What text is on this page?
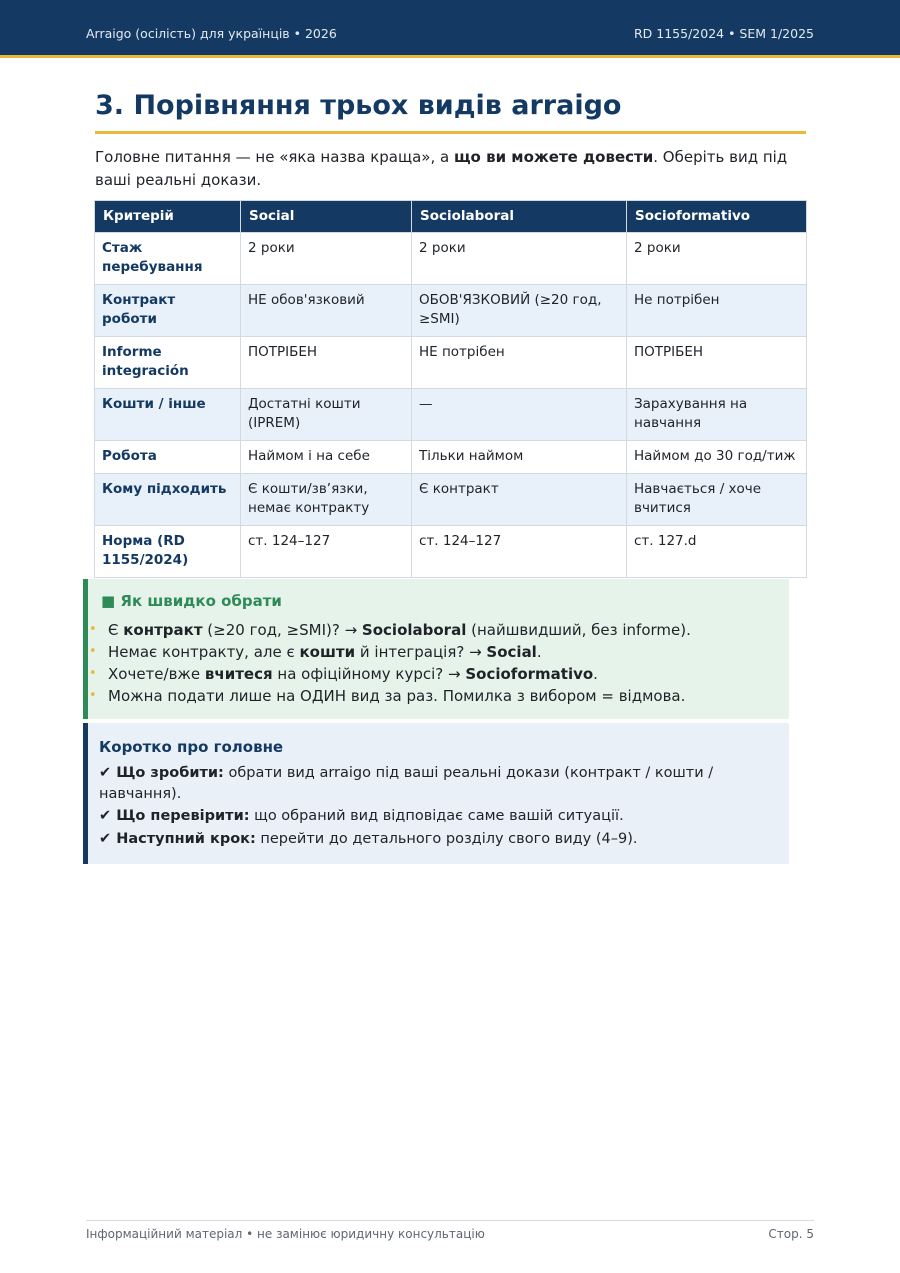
Arraigo (осілість) для українців • 2026	RD 1155/2024 • SEM 1/2025
3. Порівняння трьох видів arraigo
Головне питання — не «яка назва краща», а що ви можете довести. Оберіть вид під ваші реальні докази.
Критерій	Social	Sociolaboral	Socioformativo
Стаж перебування	2 роки	2 роки	2 роки
Контракт роботи	НЕ обов'язковий	ОБОВ'ЯЗКОВИЙ (≥20 год, ≥SMI)	Не потрібен
Informe integración	ПОТРІБЕН	НЕ потрібен	ПОТРІБЕН
Кошти / інше	Достатні кошти (IPREM)	—	Зарахування на навчання
Робота	Наймом і на себе	Тільки наймом	Наймом до 30 год/тиж
Кому підходить	Є кошти/зв’язки, немає контракту	Є контракт	Навчається / хоче вчитися
Норма (RD 1155/2024)	ст. 124–127	ст. 124–127	ст. 127.d
■ Як швидко обрати
• Є контракт (≥20 год, ≥SMI)? → Sociolaboral (найшвидший, без informe).
• Немає контракту, але є кошти й інтеграція? → Social.
• Хочете/вже вчитеся на офіційному курсі? → Socioformativo.
• Можна подати лише на ОДИН вид за раз. Помилка з вибором = відмова.
Коротко про головне
✔ Що зробити: обрати вид arraigo під ваші реальні докази (контракт / кошти / навчання).
✔ Що перевірити: що обраний вид відповідає саме вашій ситуації.
✔ Наступний крок: перейти до детального розділу свого виду (4–9).
Інформаційний матеріал • не замінює юридичну консультацію	Стор. 5
